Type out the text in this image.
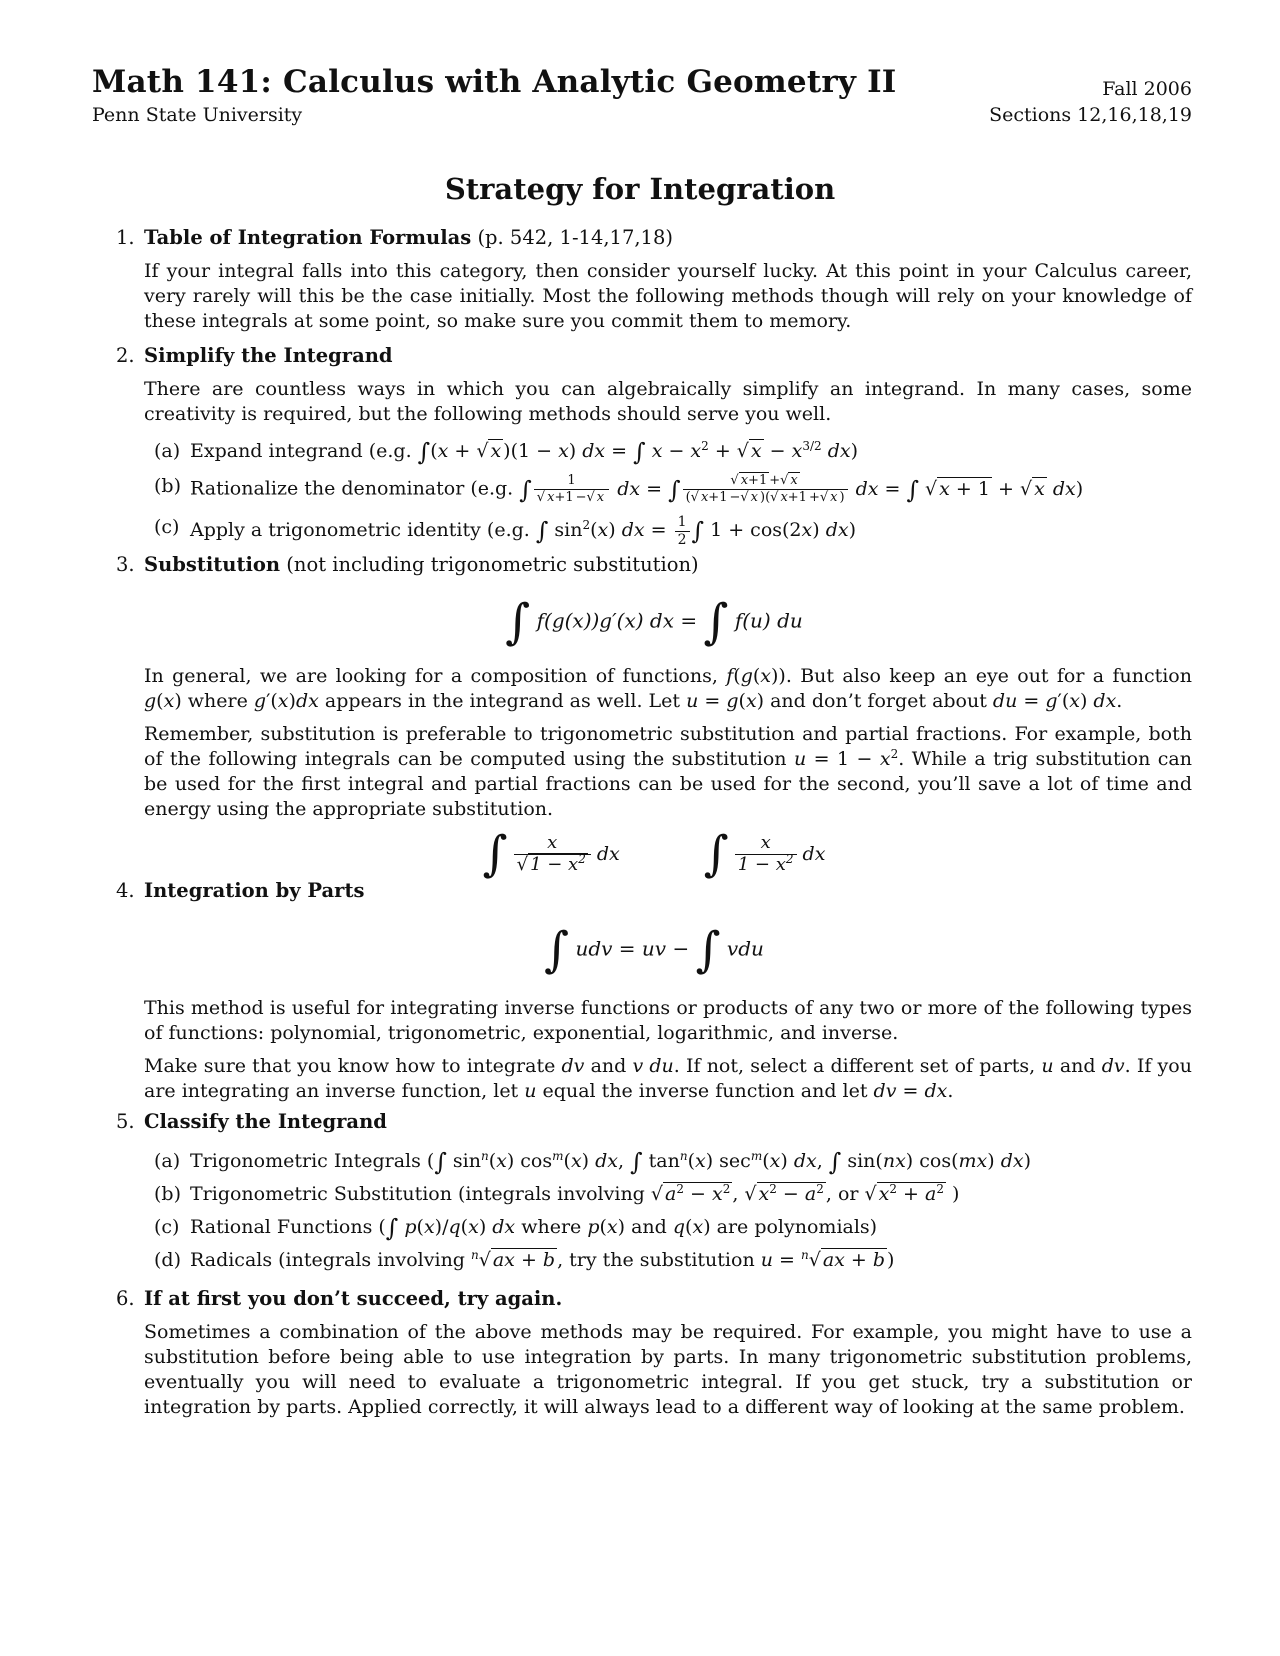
Math 141: Calculus with Analytic Geometry II
Penn State University
Fall 2006
Sections 12,16,18,19
Strategy for Integration
1. Table of Integration Formulas (p. 542, 1-14,17,18)

If your integral falls into this category, then consider yourself lucky. At this point in your Calculus career, very rarely will this be the case initially. Most the following methods though will rely on your knowledge of these integrals at some point, so make sure you commit them to memory.

2. Simplify the Integrand

There are countless ways in which you can algebraically simplify an integrand. In many cases, some creativity is required, but the following methods should serve you well.

(a) Expand integrand (e.g. ∫(x + √ x )(1 − x) dx = ∫ $x - x^2$ + √ $x - x^{3/2}$ dx)
(b) Rationalize the denominator (e.g. ∫ $\frac{1}{√ x+1 -√ x}$ dx = ∫ $\frac{√ x+1 +√ x}{(√ x+1 -√ x )(√ x+1 +√ x )}$ dx = ∫ √ x + 1 + √ x dx)
(c) Apply a trigonometric identity (e.g. ∫ $\sin^2(x)$ dx = $\frac{1}{2}$ ∫ 1 + cos(2x) dx)
3. Substitution (not including trigonometric substitution)
∫ f(g(x))g′(x) dx = ∫ f(u) du

In general, we are looking for a composition of functions, f(g(x)). But also keep an eye out for a function g(x) where g′(x)dx appears in the integrand as well. Let u = g(x) and don’t forget about du = g′(x) dx.

Remember, substitution is preferable to trigonometric substitution and partial fractions. For example, both of the following integrals can be computed using the substitution $u = 1 - x^2$. While a trig substitution can be used for the first integral and partial fractions can be used for the second, you’ll save a lot of time and energy using the appropriate substitution.

∫ $\frac{x}{√ 1 - x^2}$ dx ∫ $\frac{x}{1 - x^2}$ dx
4. Integration by Parts
∫ udv = uv − ∫ vdu

This method is useful for integrating inverse functions or products of any two or more of the following types of functions: polynomial, trigonometric, exponential, logarithmic, and inverse.

Make sure that you know how to integrate dv and v du. If not, select a different set of parts, u and dv. If you are integrating an inverse function, let u equal the inverse function and let dv = dx.

5. Classify the Integrand
(a) Trigonometric Integrals (∫ $\sin^n(x)$ $\cos^m(x)$ dx, ∫ $\tan^n(x)$ $\sec^m(x)$ dx, ∫ sin(nx) cos(mx) dx)
(b) Trigonometric Substitution (integrals involving √ $a^2 - x^2$ , √ $x^2 - a^2$ , or √ $x^2 + a^2$ )
(c) Rational Functions (∫ p(x)/q(x) dx where p(x) and q(x) are polynomials)
(d) Radicals (integrals involving $^n$√ ax + b , try the substitution u = $^n$√ ax + b )
6. If at first you don’t succeed, try again.

Sometimes a combination of the above methods may be required. For example, you might have to use a substitution before being able to use integration by parts. In many trigonometric substitution problems, eventually you will need to evaluate a trigonometric integral. If you get stuck, try a substitution or integration by parts. Applied correctly, it will always lead to a different way of looking at the same problem.
